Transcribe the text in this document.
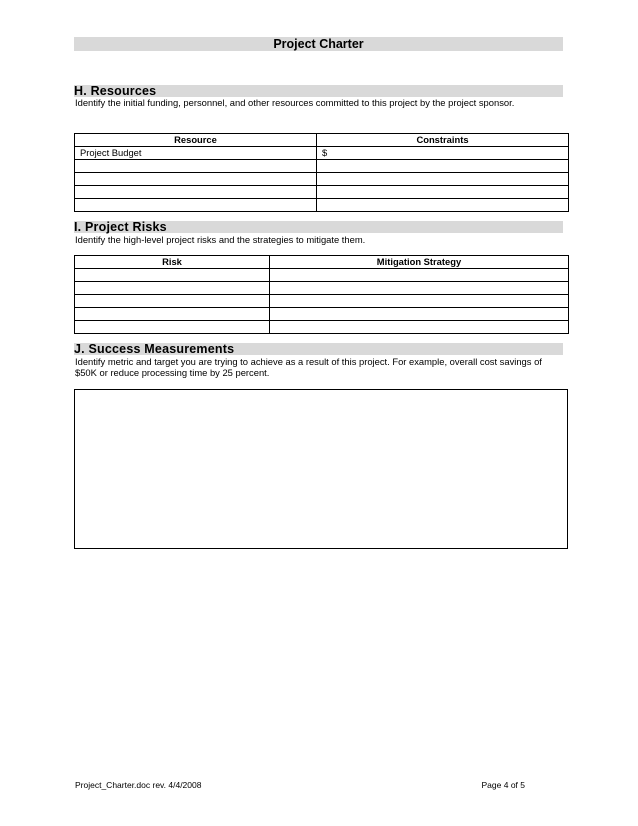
Project Charter
H. Resources
Identify the initial funding, personnel, and other resources committed to this project by the project sponsor.
Resource	Constraints
Project Budget	$

I. Project Risks
Identify the high-level project risks and the strategies to mitigate them.
Risk	Mitigation Strategy

J. Success Measurements
Identify metric and target you are trying to achieve as a result of this project. For example, overall cost savings of $50K or reduce processing time by 25 percent.
Project_Charter.doc rev. 4/4/2008	Page 4 of 5
